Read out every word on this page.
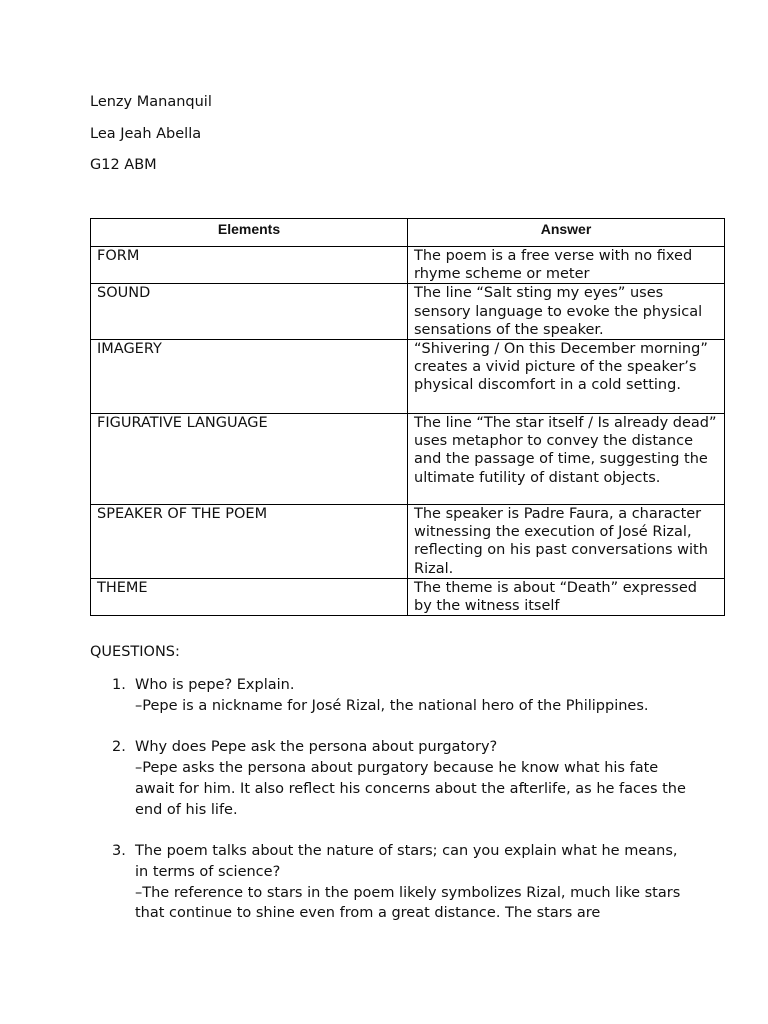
Lenzy Mananquil
Lea Jeah Abella
G12 ABM
Elements	Answer
FORM	The poem is a free verse with no fixed rhyme scheme or meter
SOUND	The line “Salt sting my eyes” uses sensory language to evoke the physical sensations of the speaker.
IMAGERY	“Shivering / On this December morning” creates a vivid picture of the speaker’s physical discomfort in a cold setting.
FIGURATIVE LANGUAGE	The line “The star itself / Is already dead” uses metaphor to convey the distance and the passage of time, suggesting the ultimate futility of distant objects.
SPEAKER OF THE POEM	The speaker is Padre Faura, a character witnessing the execution of José Rizal, reflecting on his past conversations with Rizal.
THEME	The theme is about “Death” expressed by the witness itself
QUESTIONS:
1. Who is pepe? Explain.
–Pepe is a nickname for José Rizal, the national hero of the Philippines.
2. Why does Pepe ask the persona about purgatory?
–Pepe asks the persona about purgatory because he know what his fate await for him. It also reflect his concerns about the afterlife, as he faces the end of his life.
3. The poem talks about the nature of stars; can you explain what he means, in terms of science?
–The reference to stars in the poem likely symbolizes Rizal, much like stars that continue to shine even from a great distance. The stars are
